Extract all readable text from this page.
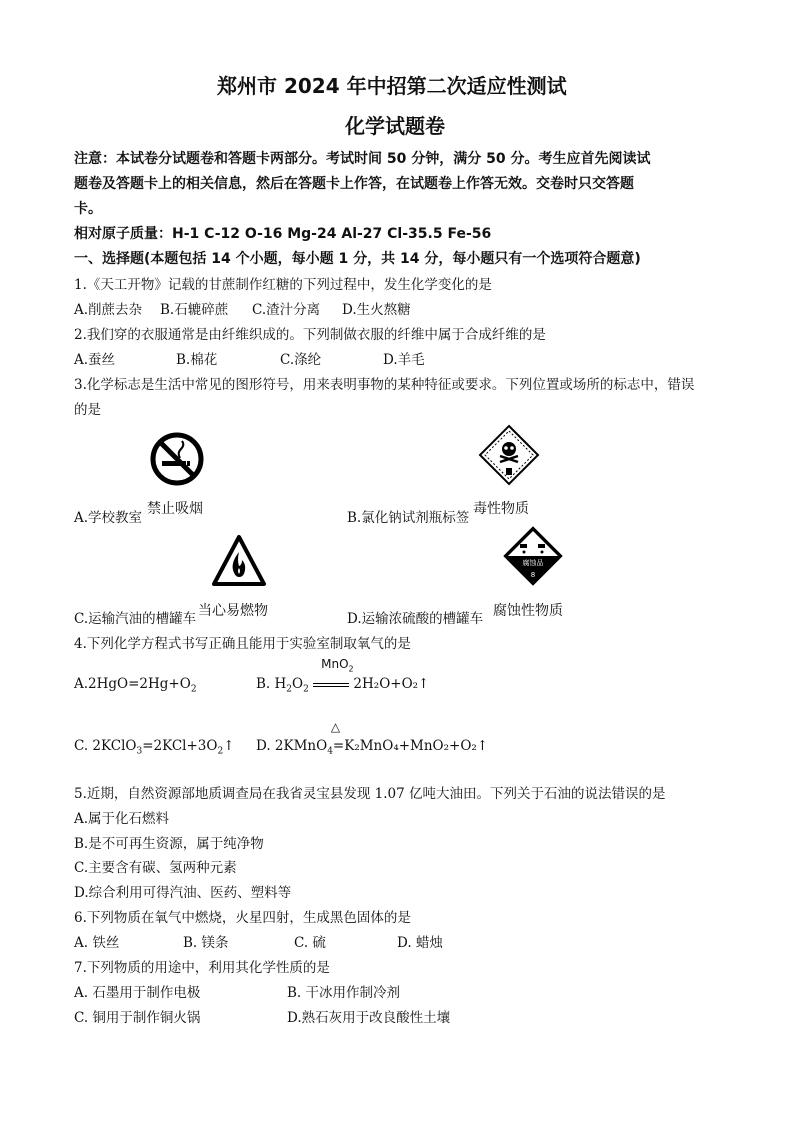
郑州市 2024 年中招第二次适应性测试
化学试题卷
注意：本试卷分试题卷和答题卡两部分。考试时间 50 分钟，满分 50 分。考生应首先阅读试
题卷及答题卡上的相关信息，然后在答题卡上作答，在试题卷上作答无效。交卷时只交答题
卡。
相对原子质量：H-1 C-12 O-16 Mg-24 Al-27 Cl-35.5 Fe-56
一、选择题(本题包括 14 个小题，每小题 1 分，共 14 分，每小题只有一个选项符合题意)
1.《天工开物》记载的甘蔗制作红糖的下列过程中，发生化学变化的是
A.削蔗去杂 B.石辘碎蔗 C.渣汁分离 D.生火熬糖
2.我们穿的衣服通常是由纤维织成的。下列制做衣服的纤维中属于合成纤维的是
A.蚕丝	B.棉花	C.涤纶	D.羊毛
3.化学标志是生活中常见的图形符号，用来表明事物的某种特征或要求。下列位置或场所的标志中，错误
的是
A.学校教室
禁止吸烟
B.氯化钠试剂瓶标签
毒性物质
C.运输汽油的槽罐车 当心易燃物
腐蚀品
8
D.运输浓硫酸的槽罐车 腐蚀性物质
4.下列化学方程式书写正确且能用于实验室制取氧气的是
$A.2HgO=2Hg+O_2$	B. $H_2O_2$
MnO$_2$
2H₂O+O₂↑
C. $2KClO_3=2KCl+3O_2↑$ D. 2KMnO$_4$
△
=K₂MnO₄+MnO₂+O₂↑
5.近期，自然资源部地质调查局在我省灵宝县发现 1.07 亿吨大油田。下列关于石油的说法错误的是
A.属于化石燃料
B.是不可再生资源，属于纯净物
C.主要含有碳、氢两种元素
D.综合利用可得汽油、医药、塑料等
6.下列物质在氧气中燃烧，火星四射，生成黑色固体的是
A. 铁丝	B. 镁条	C. 硫	D. 蜡烛
7.下列物质的用途中，利用其化学性质的是
A. 石墨用于制作电极	B. 干冰用作制冷剂
C. 铜用于制作铜火锅	D.熟石灰用于改良酸性土壤
